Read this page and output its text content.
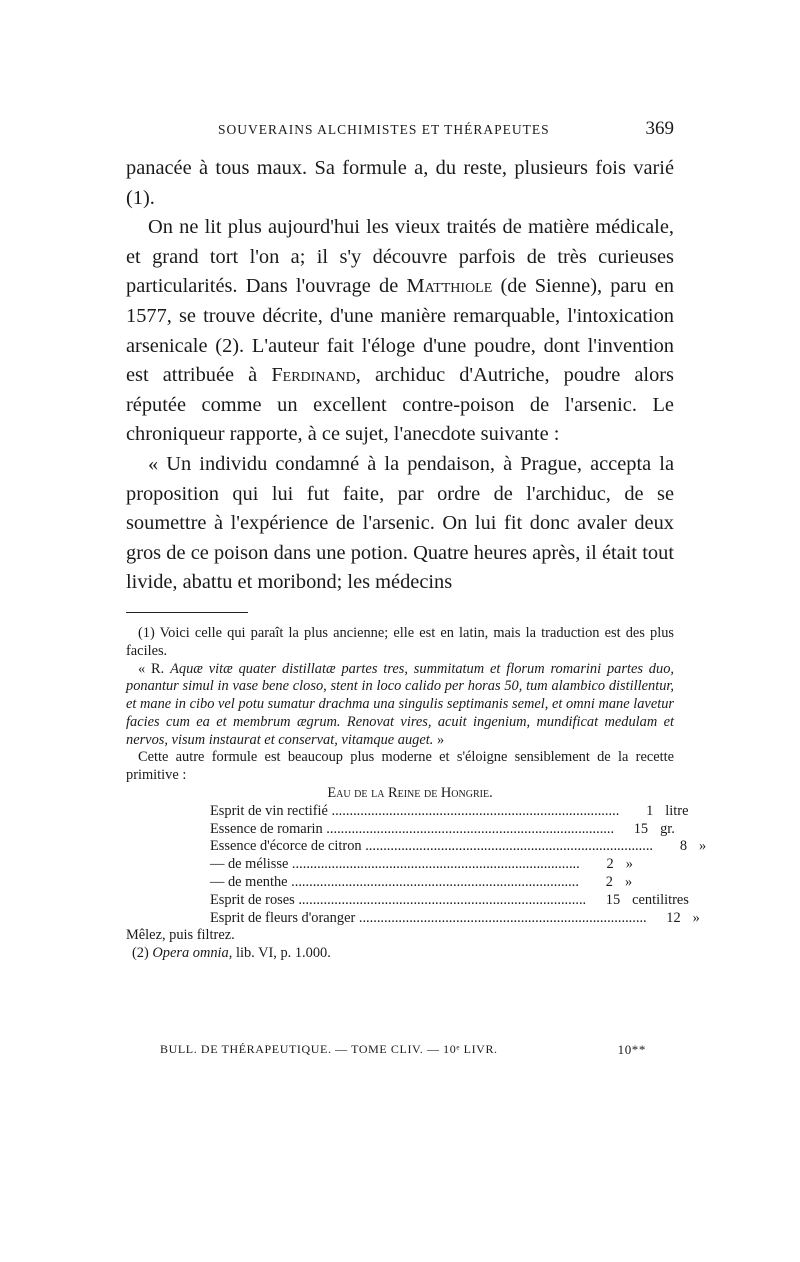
SOUVERAINS ALCHIMISTES ET THÉRAPEUTES	369

panacée à tous maux. Sa formule a, du reste, plusieurs fois varié (1).

On ne lit plus aujourd'hui les vieux traités de matière médicale, et grand tort l'on a; il s'y découvre parfois de très curieuses particularités. Dans l'ouvrage de Matthiole (de Sienne), paru en 1577, se trouve décrite, d'une manière remarquable, l'intoxication arsenicale (2). L'auteur fait l'éloge d'une poudre, dont l'invention est attribuée à Ferdinand, archiduc d'Autriche, poudre alors réputée comme un excellent contre-poison de l'arsenic. Le chroniqueur rapporte, à ce sujet, l'anecdote suivante :

« Un individu condamné à la pendaison, à Prague, accepta la proposition qui lui fut faite, par ordre de l'archiduc, de se soumettre à l'expérience de l'arsenic. On lui fit donc avaler deux gros de ce poison dans une potion. Quatre heures après, il était tout livide, abattu et moribond; les médecins

(1) Voici celle qui paraît la plus ancienne; elle est en latin, mais la traduction est des plus faciles.

« R. Aquæ vitæ quater distillatæ partes tres, summitatum et florum romarini partes duo, ponantur simul in vase bene closo, stent in loco calido per horas 50, tum alambico distillentur, et mane in cibo vel potu sumatur drachma una singulis septimanis semel, et omni mane lavetur facies cum ea et membrum ægrum. Renovat vires, acuit ingenium, mundificat medulam et nervos, visum instaurat et conservat, vitamque auget. »

Cette autre formule est beaucoup plus moderne et s'éloigne sensiblement de la recette primitive :

Eau de la Reine de Hongrie.
Esprit de vin rectifié ................................................................................	1 litre
Essence de romarin ................................................................................	15 gr.
Essence d'écorce de citron ................................................................................	8 »
— de mélisse ................................................................................	2 »
— de menthe ................................................................................	2 »
Esprit de roses ................................................................................	15 centilitres
Esprit de fleurs d'oranger ................................................................................	12 »

Mêlez, puis filtrez.

(2) Opera omnia, lib. VI, p. 1.000.

BULL. DE THÉRAPEUTIQUE. — TOME CLIV. — 10ᵉ LIVR.	10**
